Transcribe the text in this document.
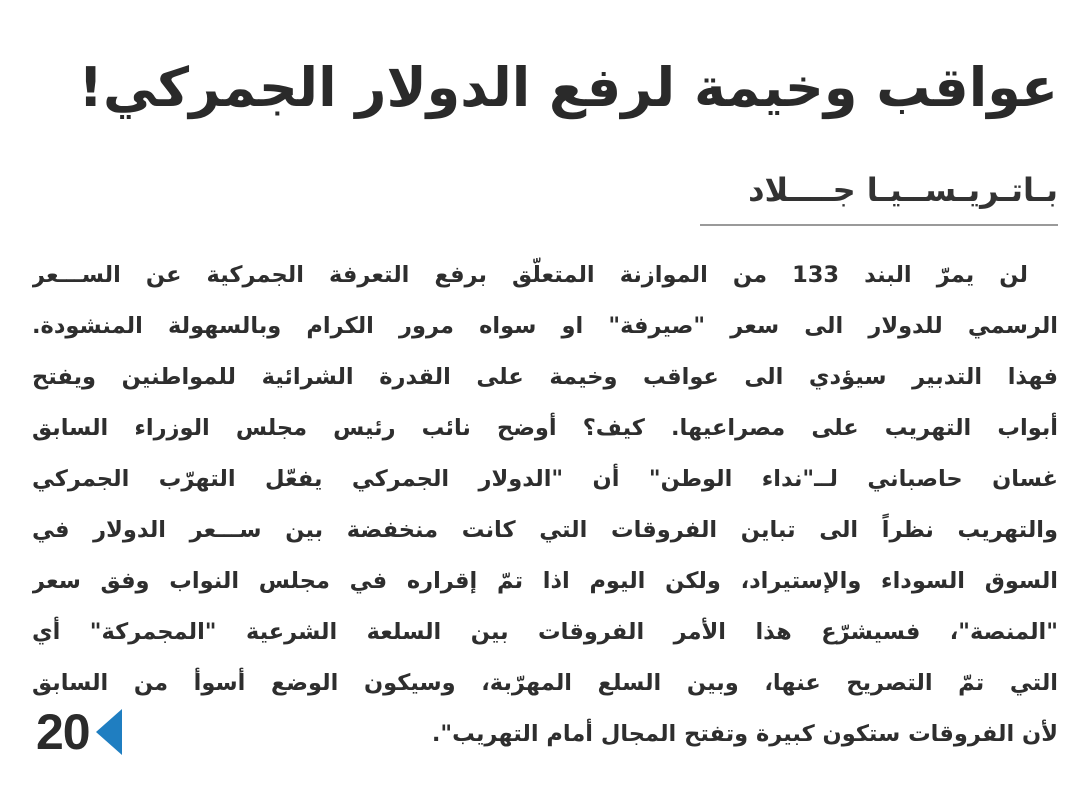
عواقب وخيمة لرفع الدولار الجمركي!
بـاتـريـســيـا جــــلاد
لن يمرّ البند 133 من الموازنة المتعلّق برفع التعرفة الجمركية عن الســـعر
الرسمي للدولار الى سعر "صيرفة" او سواه مرور الكرام وبالسهولة المنشودة.
فهذا التدبير سيؤدي الى عواقب وخيمة على القدرة الشرائية للمواطنين ويفتح
أبواب التهريب على مصراعيها. كيف؟ أوضح نائب رئيس مجلس الوزراء السابق
غسان حاصباني لــ"نداء الوطن" أن "الدولار الجمركي يفعّل التهرّب الجمركي
والتهريب نظراً الى تباين الفروقات التي كانت منخفضة بين ســـعر الدولار في
السوق السوداء والإستيراد، ولكن اليوم اذا تمّ إقراره في مجلس النواب وفق سعر
"المنصة"، فسيشرّع هذا الأمر الفروقات بين السلعة الشرعية "المجمركة" أي
التي تمّ التصريح عنها، وبين السلع المهرّبة، وسيكون الوضع أسوأ من السابق
لأن الفروقات ستكون كبيرة وتفتح المجال أمام التهريب".
20
